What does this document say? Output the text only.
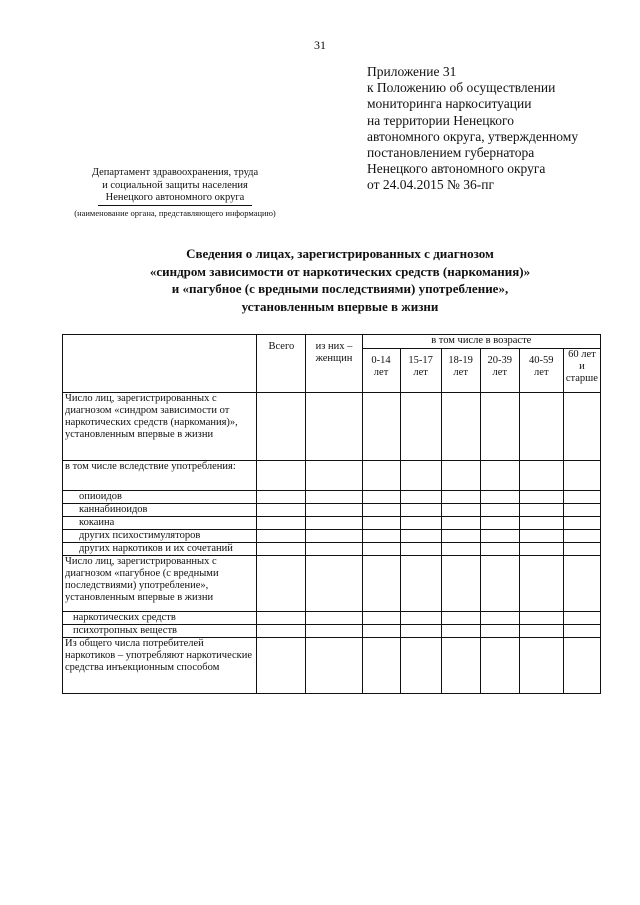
31
Приложение 31
к Положению об осуществлении
мониторинга наркоситуации
на территории Ненецкого
автономного округа, утвержденному
постановлением губернатора
Ненецкого автономного округа
от 24.04.2015 № 36-пг
Департамент здравоохранения, труда
и социальной защиты населения
Ненецкого автономного округа
(наименование органа, представляющего информацию)
Сведения о лицах, зарегистрированных с диагнозом
«синдром зависимости от наркотических средств (наркомания)»
и «пагубное (с вредными последствиями) употребление»,
установленным впервые в жизни
	Всего	из них – женщин	в том числе в возрасте					
			0-14 лет	15-17 лет	18-19 лет	20-39 лет	40-59 лет	60 лет и старше
Число лиц, зарегистрированных с диагнозом «синдром зависимости от наркотических средств (наркомания)», установленным впервые в жизни								
в том числе вследствие употребления:								
опиоидов								
каннабиноидов								
кокаина								
других психостимуляторов								
других наркотиков и их сочетаний								
Число лиц, зарегистрированных с диагнозом «пагубное (с вредными последствиями) употребление», установленным впервые в жизни								
наркотических средств								
психотропных веществ								
Из общего числа потребителей наркотиков – употребляют наркотические средства инъекционным способом								
